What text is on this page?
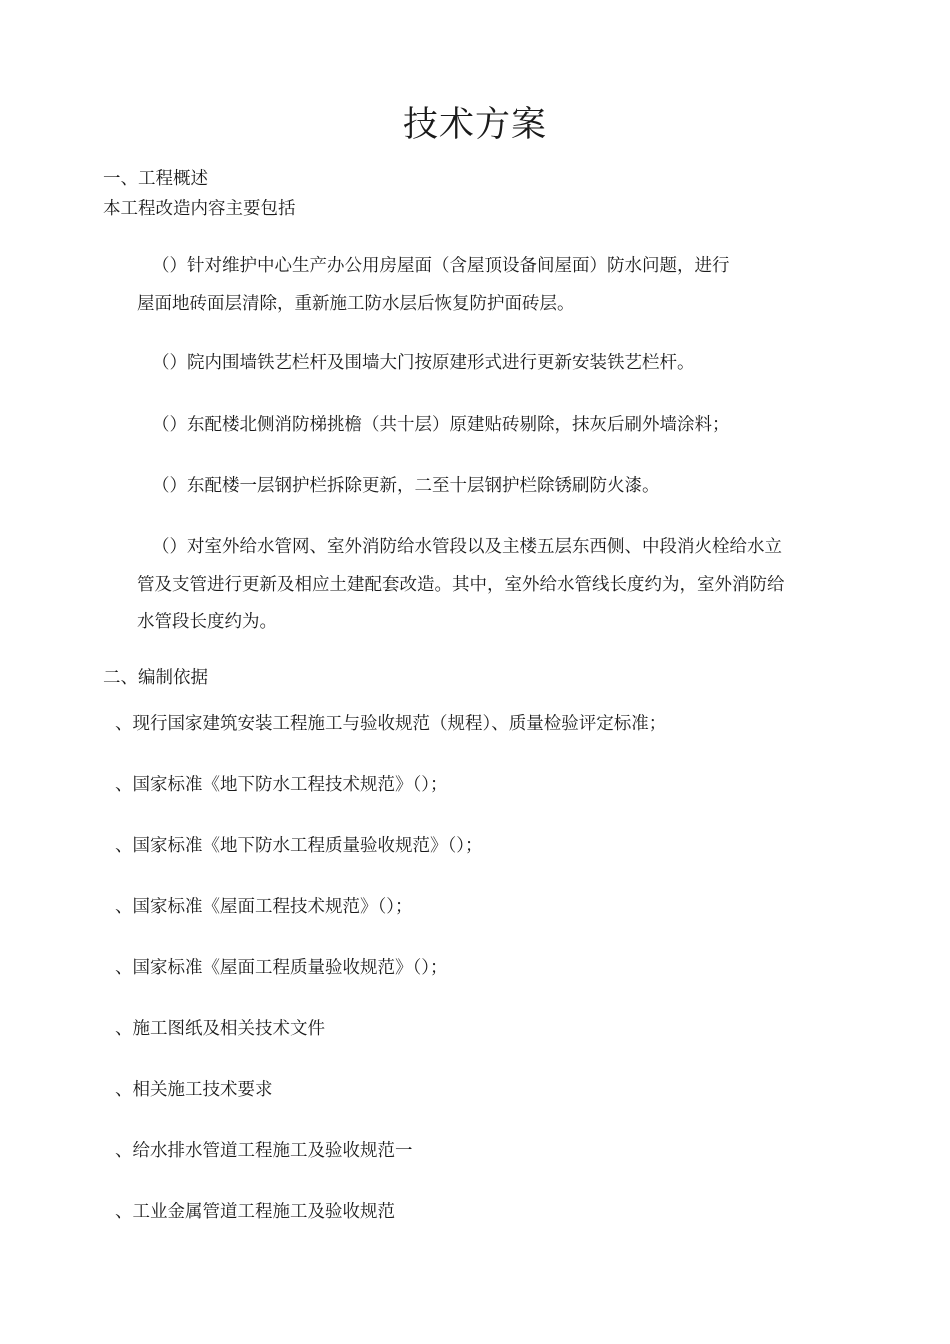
技术方案
一、工程概述
本工程改造内容主要包括
（）针对维护中心生产办公用房屋面（含屋顶设备间屋面）防水问题，进行
屋面地砖面层清除，重新施工防水层后恢复防护面砖层。
（）院内围墙铁艺栏杆及围墙大门按原建形式进行更新安装铁艺栏杆。
（）东配楼北侧消防梯挑檐（共十层）原建贴砖剔除，抹灰后刷外墙涂料；
（）东配楼一层钢护栏拆除更新，二至十层钢护栏除锈刷防火漆。
（）对室外给水管网、室外消防给水管段以及主楼五层东西侧、中段消火栓给水立
管及支管进行更新及相应土建配套改造。其中，室外给水管线长度约为，室外消防给
水管段长度约为。
二、编制依据
、现行国家建筑安装工程施工与验收规范（规程）、质量检验评定标准；
、国家标准《地下防水工程技术规范》（）；
、国家标准《地下防水工程质量验收规范》（）；
、国家标准《屋面工程技术规范》（）；
、国家标准《屋面工程质量验收规范》（）；
、施工图纸及相关技术文件
、相关施工技术要求
、给水排水管道工程施工及验收规范一
、工业金属管道工程施工及验收规范
